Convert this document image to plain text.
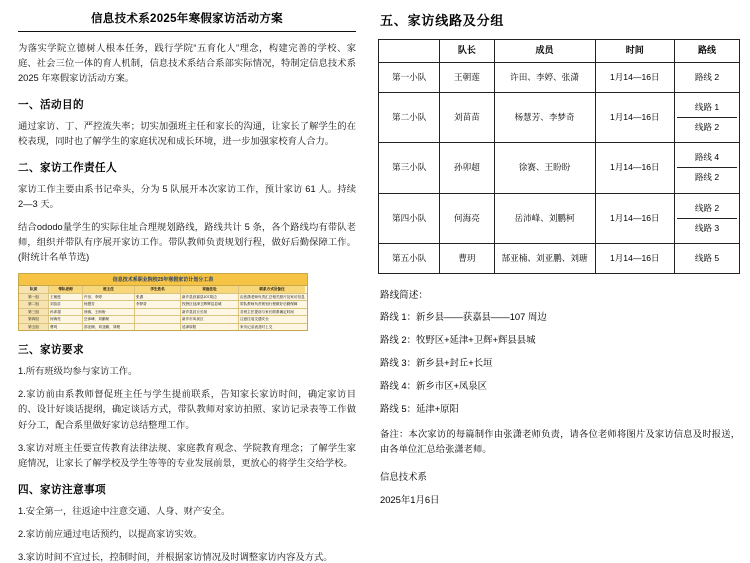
信息技术系2025年寒假家访活动方案

为落实学院立德树人根本任务，践行学院“五育化人”理念，构建完善的学校、家庭、社会三位一体的育人机制，信息技术系结合系部实际情况，特制定信息技术系 2025 年寒假家访活动方案。

一、活动目的

通过家访、丁、严控流失率；切实加强班主任和家长的沟通，让家长了解学生的在校表现，同时也了解学生的家庭状况和成长环境，进一步加强家校育人合力。

二、家访工作责任人

家访工作主要由系书记牵头，分为 5 队展开本次家访工作，预计家访 61 人。持续 2—3 天。

结合ododo量学生的实际住址合理规划路线，路线共计 5 条，各个路线均有带队老师，组织并带队有序展开家访工作。带队教师负责规划行程，做好后勤保障工作。(附统计名单节选)

信息技术系职业院校25年寒假家访计划分工表
队别	带队老师	班主任	学生姓名	家庭住址	联系方式及备注
第一组	王朝莲	许田、李婷	张潇	新乡县获嘉县107周边	由张潇老师负责汇总相关照片及家访信息
第二组	刘苗苗	杨慧芳	李梦奇	牧野区延津卫辉辉县县城	带队教师负责规划行程做好后勤保障
第三组	孙卯超	徐赛、王盼盼	新乡县封丘长垣	各班主任提前与家长联系确定时间
第四组	何海亮	岳沛峰、刘鹏柯	新乡市凤泉区	注意往返交通安全
第五组	曹玥	郜亚楠、刘亚鹏、刘瑭	延津原阳	家访记录表及时上交
三、家访要求

1.所有班级均参与家访工作。

2.家访前由系教师督促班主任与学生提前联系，告知家长家访时间，确定家访目的、设计好谈话提纲，确定谈话方式，带队教师对家访拍照、家访记录表等工作做好分工，配合系里做好家访总结整理工作。

3.家访对班主任要宣传教育法律法规、家庭教育观念、学院教育理念；了解学生家庭情况，让家长了解学校及学生等等的专业发展前景，更放心的将学生交给学校。

四、家访注意事项

1.安全第一，往返途中注意交通、人身、财产安全。

2.家访前应通过电话预约，以提高家访实效。

3.家访时间不宜过长，控制时间，并根据家访情况及时调整家访内容及方式。

五、家访线路及分组
	队长	成员	时间	路线
第一小队	王朝莲	许田、李婷、张潇	1月14—16日	路线 2

第二小队	刘苗苗	杨慧芳、李梦奇	1月14—16日	线路 1
线路 2

第三小队	孙卯超	徐赛、王盼盼	1月14—16日	路线 4
路线 2

第四小队	何海亮	岳沛峰、刘鹏柯	1月14—16日	线路 2
线路 3

第五小队	曹玥	郜亚楠、刘亚鹏、刘瑭	1月14—16日	线路 5
路线简述：
路线 1：新乡县——获嘉县——107 周边
路线 2：牧野区+延津+卫辉+辉县县城
路线 3：新乡县+封丘+长垣
路线 4：新乡市区+凤泉区
路线 5：延津+原阳
备注：本次家访的每篇制作由张潇老师负责，请各位老师将图片及家访信息及时报送，由各单位汇总给张潇老师。
信息技术系
2025年1月6日
